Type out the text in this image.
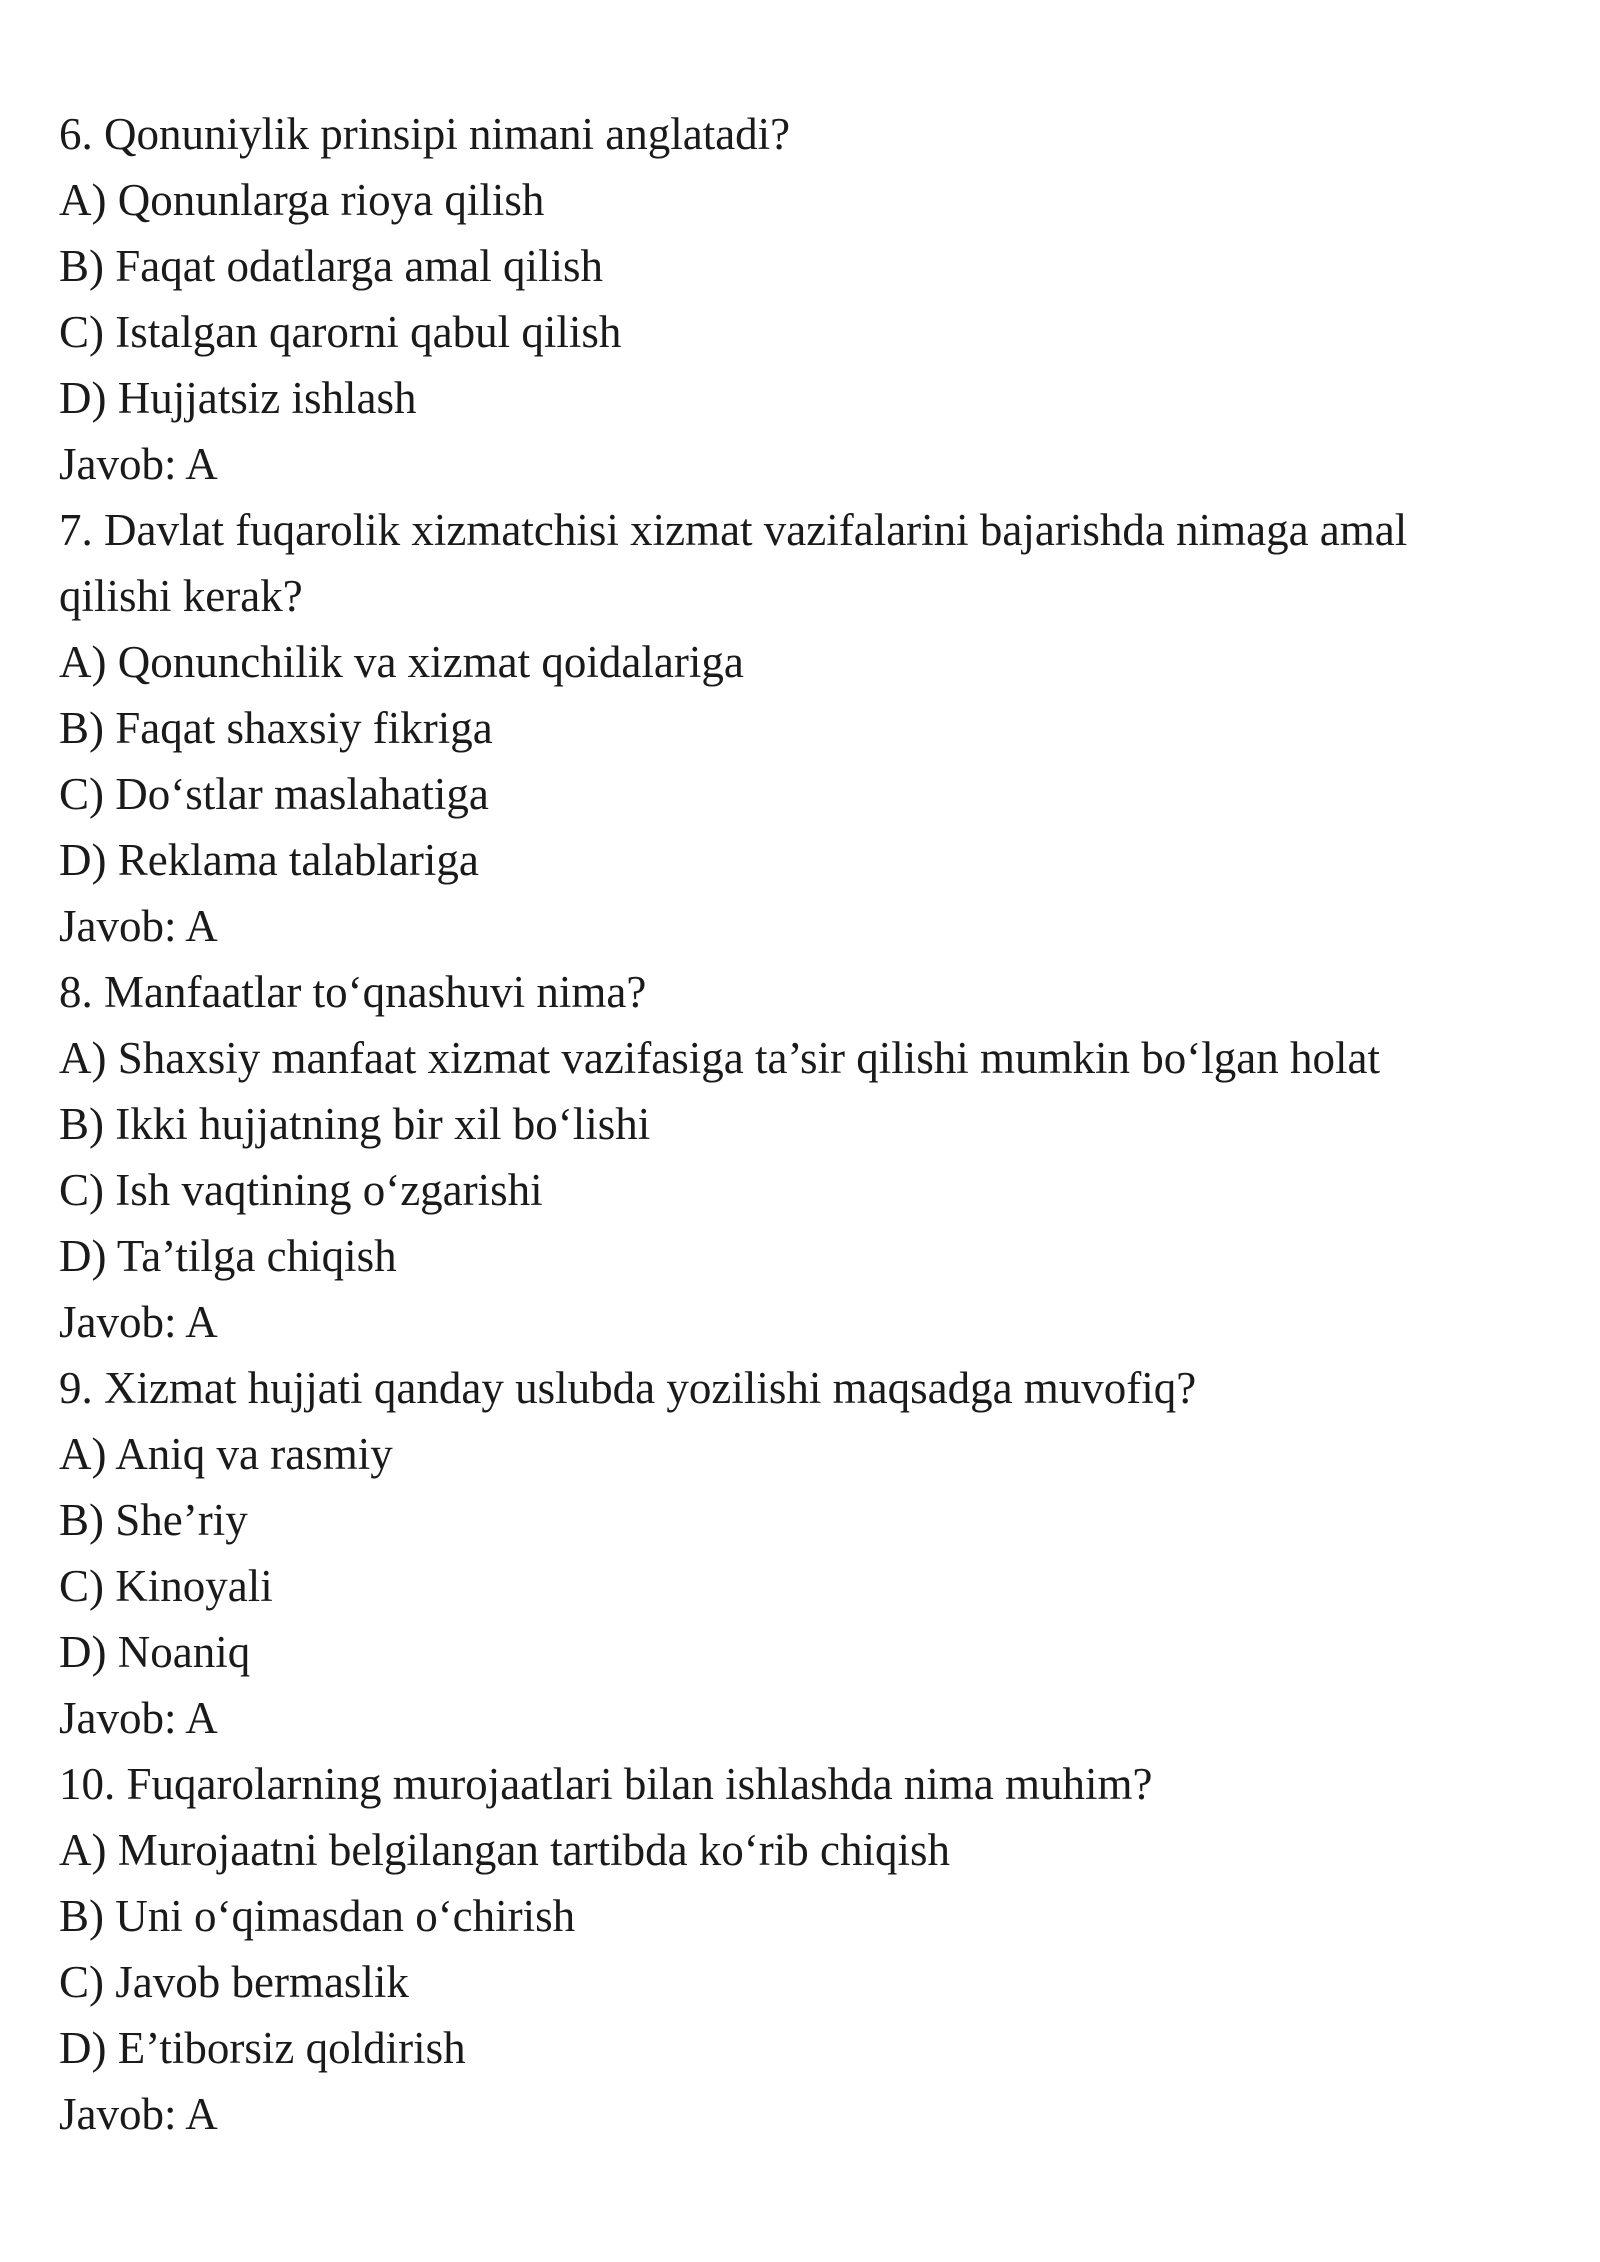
6. Qonuniylik prinsipi nimani anglatadi?
A) Qonunlarga rioya qilish
B) Faqat odatlarga amal qilish
C) Istalgan qarorni qabul qilish
D) Hujjatsiz ishlash
Javob: A
7. Davlat fuqarolik xizmatchisi xizmat vazifalarini bajarishda nimaga amal qilishi kerak?
A) Qonunchilik va xizmat qoidalariga
B) Faqat shaxsiy fikriga
C) Do‘stlar maslahatiga
D) Reklama talablariga
Javob: A
8. Manfaatlar to‘qnashuvi nima?
A) Shaxsiy manfaat xizmat vazifasiga ta’sir qilishi mumkin bo‘lgan holat
B) Ikki hujjatning bir xil bo‘lishi
C) Ish vaqtining o‘zgarishi
D) Ta’tilga chiqish
Javob: A
9. Xizmat hujjati qanday uslubda yozilishi maqsadga muvofiq?
A) Aniq va rasmiy
B) She’riy
C) Kinoyali
D) Noaniq
Javob: A
10. Fuqarolarning murojaatlari bilan ishlashda nima muhim?
A) Murojaatni belgilangan tartibda ko‘rib chiqish
B) Uni o‘qimasdan o‘chirish
C) Javob bermaslik
D) E’tiborsiz qoldirish
Javob: A
